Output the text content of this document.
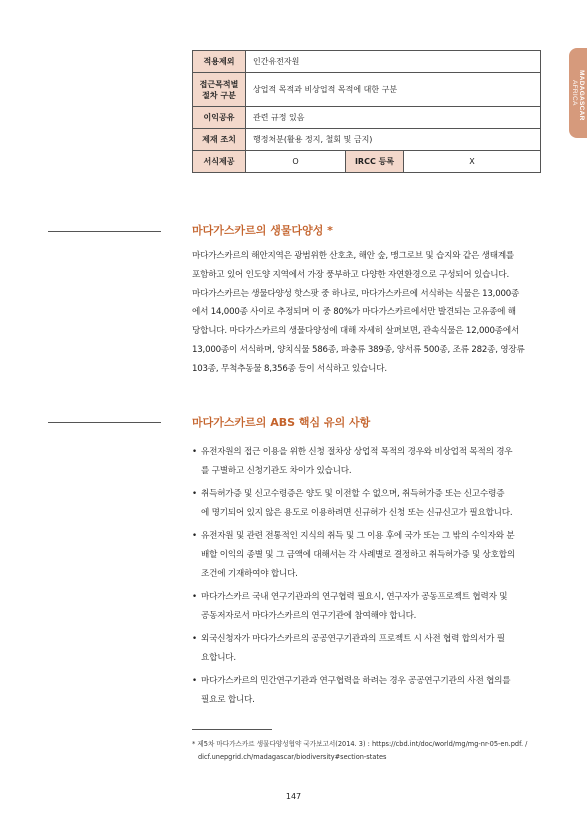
AFRICA MADAGASCAR
적용제외	인간유전자원		
접근목적별
절차 구분	상업적 목적과 비상업적 목적에 대한 구분		
이익공유	관련 규정 있음		
제재 조치	행정처분(활용 정지, 철회 및 금지)		
서식제공	O	IRCC 등록	X
마다가스카르의 생물다양성 *
마다가스카르의 해안지역은 광범위한 산호초, 해안 숲, 맹그로브 및 습지와 같은 생태계를
포함하고 있어 인도양 지역에서 가장 풍부하고 다양한 자연환경으로 구성되어 있습니다.
마다가스카르는 생물다양성 핫스팟 중 하나로, 마다가스카르에 서식하는 식물은 13,000종
에서 14,000종 사이로 추정되며 이 중 80%가 마다가스카르에서만 발견되는 고유종에 해
당합니다. 마다가스카르의 생물다양성에 대해 자세히 살펴보면, 관속식물은 12,000종에서
13,000종이 서식하며, 양치식물 586종, 파충류 389종, 양서류 500종, 조류 282종, 영장류
103종, 무척추동물 8,356종 등이 서식하고 있습니다.
마다가스카르의 ABS 핵심 유의 사항
• 유전자원의 접근 이용을 위한 신청 절차상 상업적 목적의 경우와 비상업적 목적의 경우
를 구별하고 신청기관도 차이가 있습니다.
• 취득허가증 및 신고수령증은 양도 및 이전할 수 없으며, 취득허가증 또는 신고수령증
에 명기되어 있지 않은 용도로 이용하려면 신규허가 신청 또는 신규신고가 필요합니다.
• 유전자원 및 관련 전통적인 지식의 취득 및 그 이용 후에 국가 또는 그 밖의 수익자와 분
배할 이익의 종별 및 그 금액에 대해서는 각 사례별로 결정하고 취득허가증 및 상호합의
조건에 기재하여야 합니다.
• 마다가스카르 국내 연구기관과의 연구협력 필요시, 연구자가 공동프로젝트 협력자 및
공동저자로서 마다가스카르의 연구기관에 참여해야 합니다.
• 외국신청자가 마다가스카르의 공공연구기관과의 프로젝트 시 사전 협력 합의서가 필
요합니다.
• 마다가스카르의 민간연구기관과 연구협력을 하려는 경우 공공연구기관의 사전 협의를
필요로 합니다.
* 제5차 마다가스카르 생물다양성협약 국가보고서(2014. 3) : https://cbd.int/doc/world/mg/mg-nr-05-en.pdf. /
dicf.unepgrid.ch/madagascar/biodiversity#section-states
147
